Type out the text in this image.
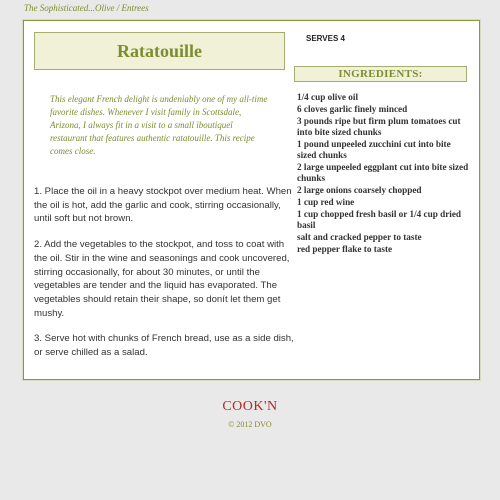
The Sophisticated...Olive / Entrees
Ratatouille
This elegant French delight is undeniably one of my all-time favorite dishes. Whenever I visit family in Scottsdale, Arizona, I always fit in a visit to a small ïboutiqueî restaurant that features authentic ratatouille. This recipe comes close.

1. Place the oil in a heavy stockpot over medium heat. When the oil is hot, add the garlic and cook, stirring occasionally, until soft but not brown.

2. Add the vegetables to the stockpot, and toss to coat with the oil. Stir in the wine and seasonings and cook uncovered, stirring occasionally, for about 30 minutes, or until the vegetables are tender and the liquid has evaporated. The vegetables should retain their shape, so donít let them get mushy.

3. Serve hot with chunks of French bread, use as a side dish, or serve chilled as a salad.

SERVES 4
INGREDIENTS:
1/4 cup olive oil
6 cloves garlic finely minced
3 pounds ripe but firm plum tomatoes cut into bite sized chunks
1 pound unpeeled zucchini cut into bite sized chunks
2 large unpeeled eggplant cut into bite sized chunks
2 large onions coarsely chopped
1 cup red wine
1 cup chopped fresh basil or 1/4 cup dried basil
salt and cracked pepper to taste
red pepper flake to taste
COOK'N
© 2012 DVO
